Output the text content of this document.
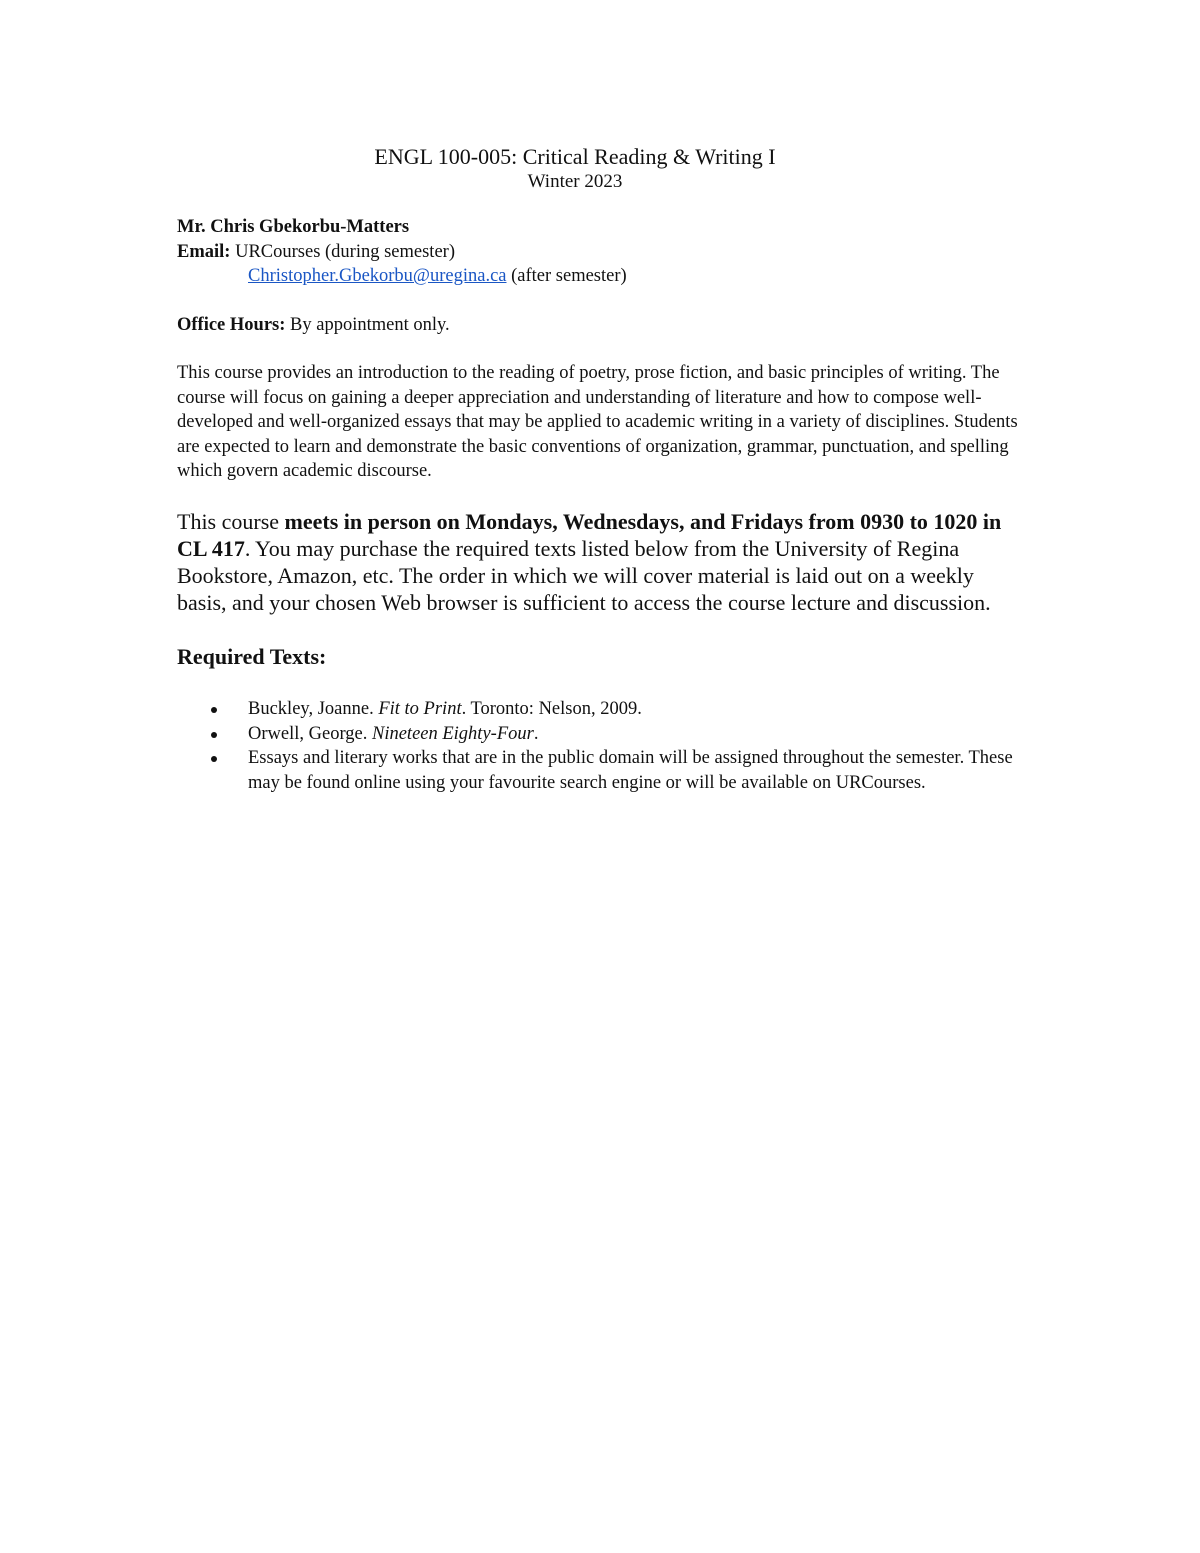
ENGL 100-005: Critical Reading & Writing I
Winter 2023
Mr. Chris Gbekorbu-Matters
Email: URCourses (during semester)
Christopher.Gbekorbu@uregina.ca (after semester)
Office Hours: By appointment only.
This course provides an introduction to the reading of poetry, prose fiction, and basic principles of writing. The course will focus on gaining a deeper appreciation and understanding of literature and how to compose well-developed and well-organized essays that may be applied to academic writing in a variety of disciplines. Students are expected to learn and demonstrate the basic conventions of organization, grammar, punctuation, and spelling which govern academic discourse.
This course meets in person on Mondays, Wednesdays, and Fridays from 0930 to 1020 in CL 417. You may purchase the required texts listed below from the University of Regina Bookstore, Amazon, etc. The order in which we will cover material is laid out on a weekly basis, and your chosen Web browser is sufficient to access the course lecture and discussion.
Required Texts:
Buckley, Joanne. Fit to Print. Toronto: Nelson, 2009.
Orwell, George. Nineteen Eighty-Four.
Essays and literary works that are in the public domain will be assigned throughout the semester. These may be found online using your favourite search engine or will be available on URCourses.
